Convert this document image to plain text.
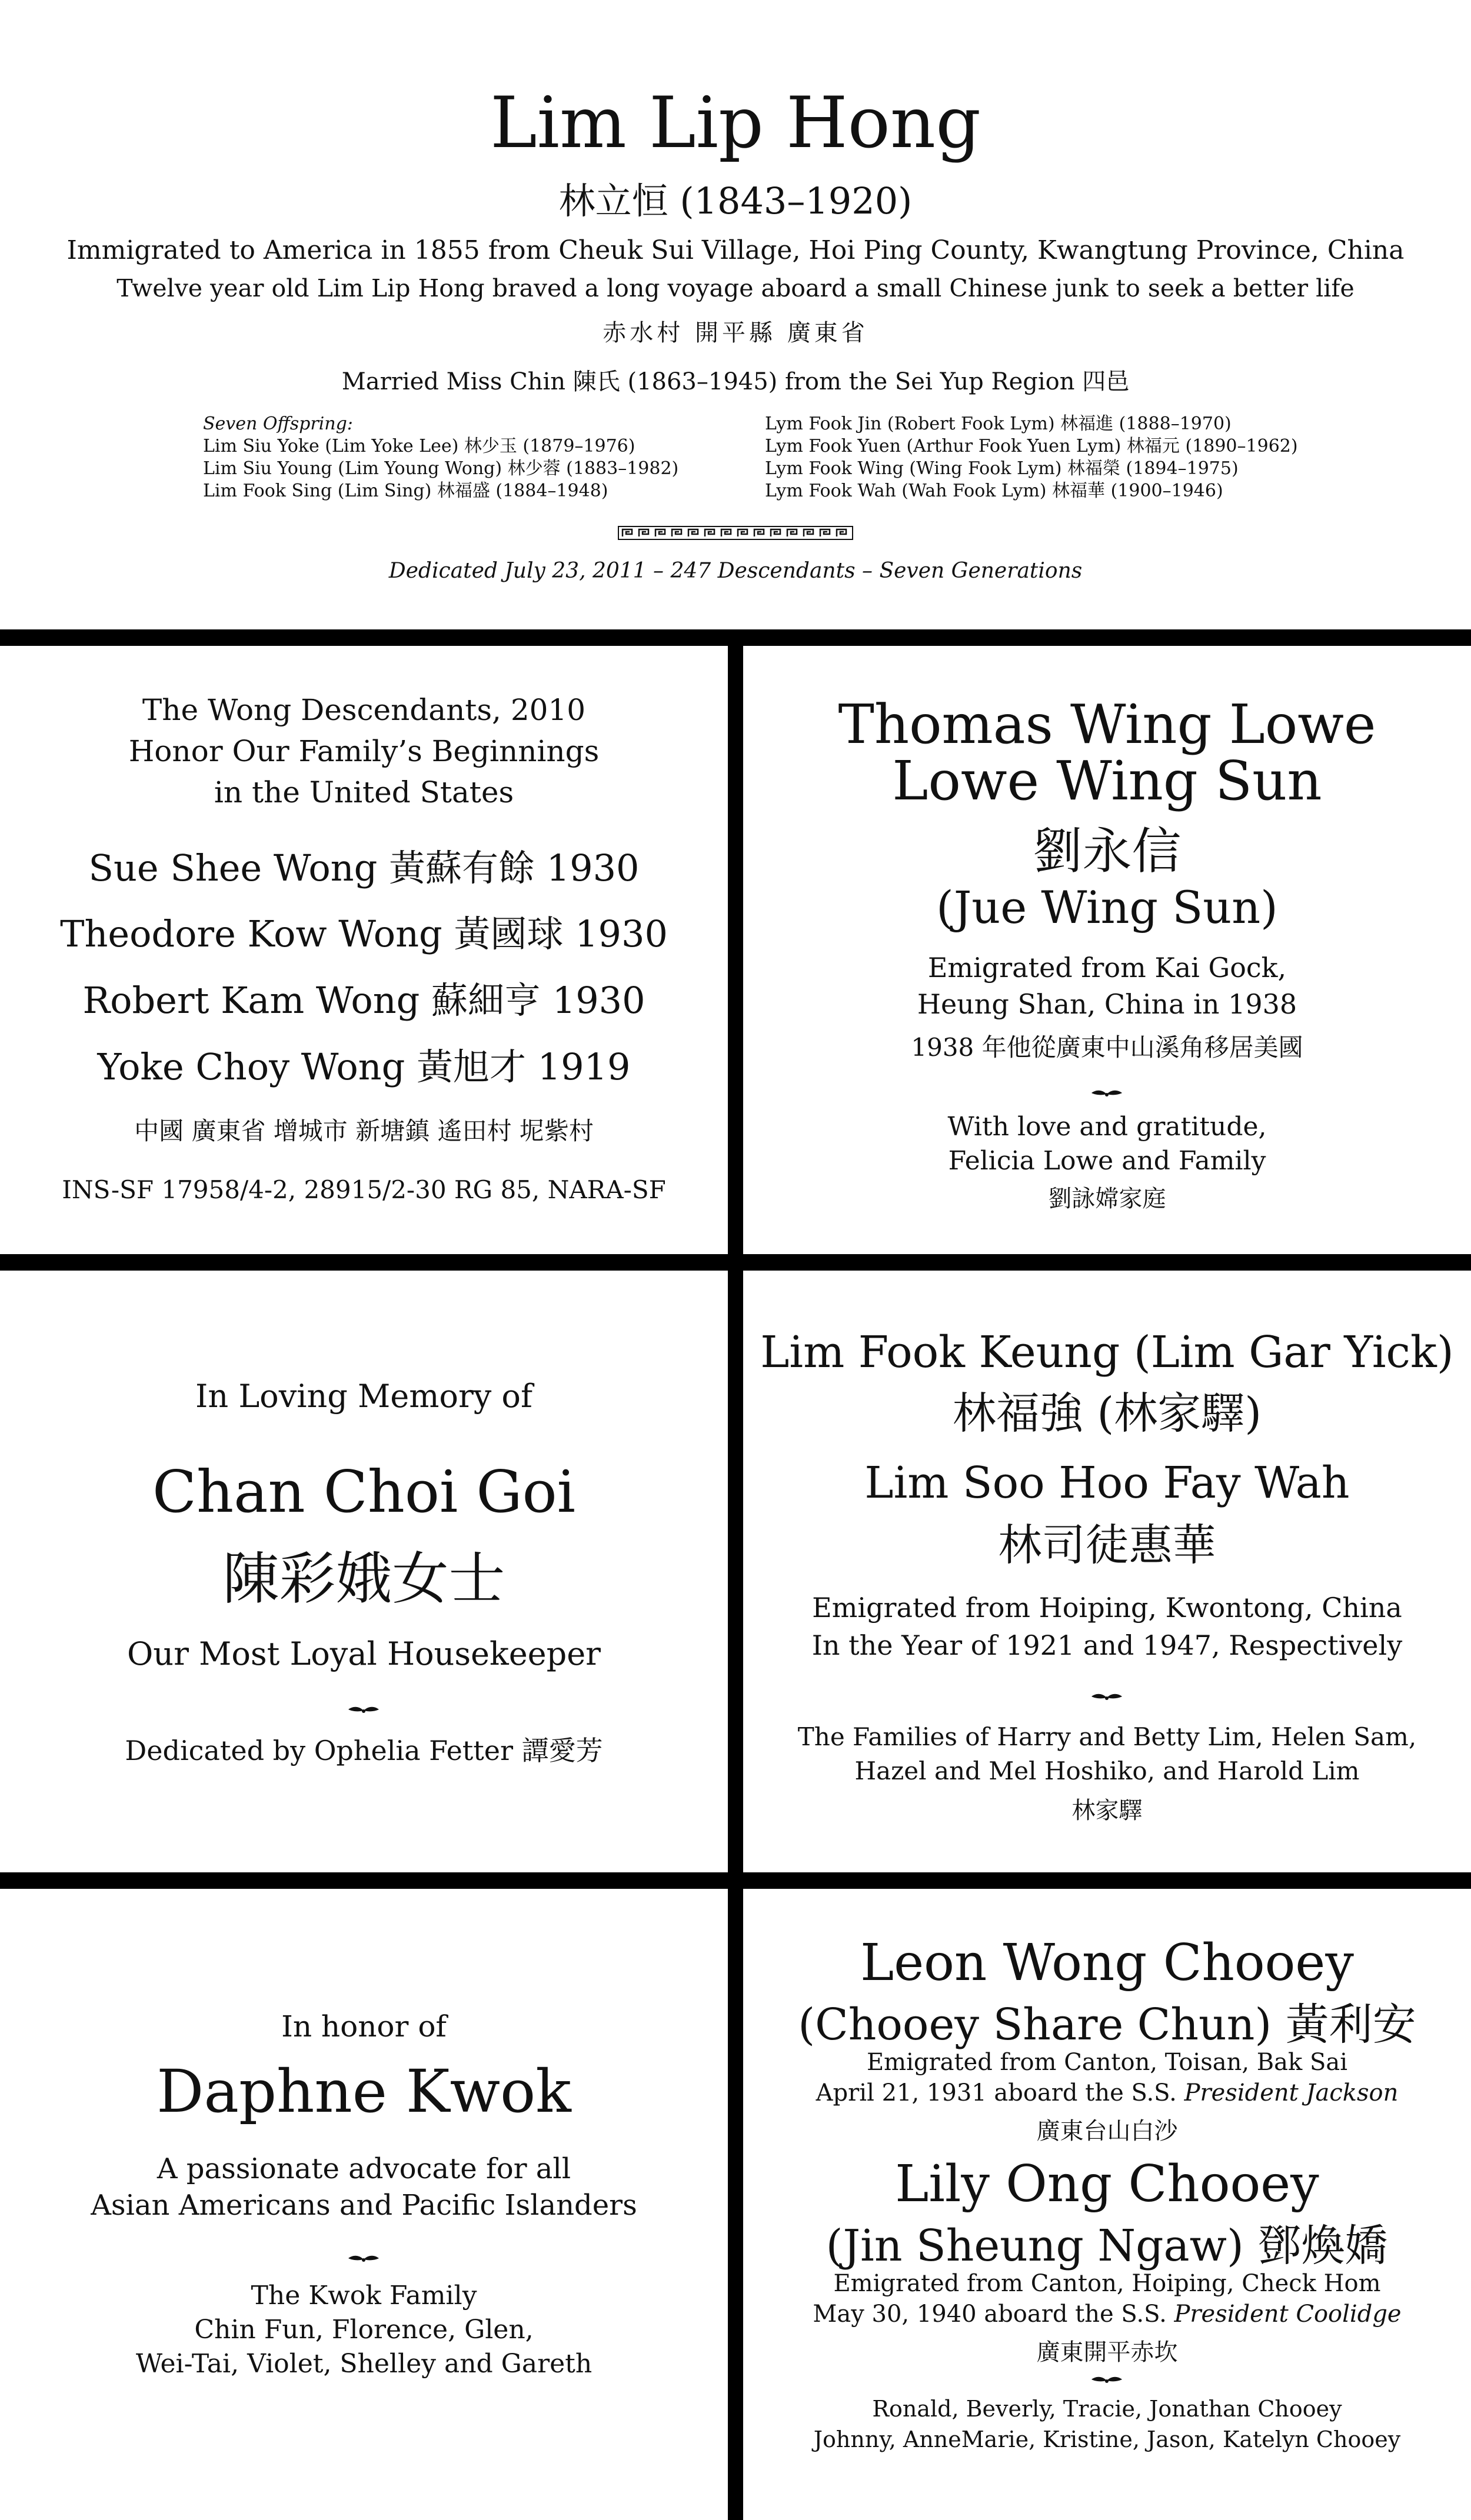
Lim Lip Hong
林立恒 (1843–1920)
Immigrated to America in 1855 from Cheuk Sui Village, Hoi Ping County, Kwangtung Province, China
Twelve year old Lim Lip Hong braved a long voyage aboard a small Chinese junk to seek a better life
赤水村 開平縣 廣東省
Married Miss Chin 陳氏 (1863–1945) from the Sei Yup Region 四邑
Seven Offspring:
Lim Siu Yoke (Lim Yoke Lee) 林少玉 (1879–1976)
Lim Siu Young (Lim Young Wong) 林少蓉 (1883–1982)
Lim Fook Sing (Lim Sing) 林福盛 (1884–1948)
Lym Fook Jin (Robert Fook Lym) 林福進 (1888–1970)
Lym Fook Yuen (Arthur Fook Yuen Lym) 林福元 (1890–1962)
Lym Fook Wing (Wing Fook Lym) 林福榮 (1894–1975)
Lym Fook Wah (Wah Fook Lym) 林福華 (1900–1946)
Dedicated July 23, 2011 – 247 Descendants – Seven Generations
The Wong Descendants, 2010
Honor Our Family’s Beginnings
in the United States
Sue Shee Wong 黃蘇有餘 1930
Theodore Kow Wong 黃國球 1930
Robert Kam Wong 蘇細亨 1930
Yoke Choy Wong 黃旭才 1919
中國 廣東省 增城市 新塘鎮 遙田村 坭紫村
INS-SF 17958/4-2, 28915/2-30 RG 85, NARA-SF
Thomas Wing Lowe
Lowe Wing Sun
劉永信
(Jue Wing Sun)
Emigrated from Kai Gock,
Heung Shan, China in 1938
1938 年他從廣東中山溪角移居美國
With love and gratitude,
Felicia Lowe and Family
劉詠嫦家庭
In Loving Memory of
Chan Choi Goi
陳彩娥女士
Our Most Loyal Housekeeper
Dedicated by Ophelia Fetter 譚愛芳
Lim Fook Keung (Lim Gar Yick)
林福強 (林家驛)
Lim Soo Hoo Fay Wah
林司徒惠華
Emigrated from Hoiping, Kwontong, China
In the Year of 1921 and 1947, Respectively
The Families of Harry and Betty Lim, Helen Sam,
Hazel and Mel Hoshiko, and Harold Lim
林家驛
In honor of
Daphne Kwok
A passionate advocate for all
Asian Americans and Pacific Islanders
The Kwok Family
Chin Fun, Florence, Glen,
Wei-Tai, Violet, Shelley and Gareth
Leon Wong Chooey
(Chooey Share Chun) 黃利安
Emigrated from Canton, Toisan, Bak Sai
April 21, 1931 aboard the S.S. President Jackson
廣東台山白沙
Lily Ong Chooey
(Jin Sheung Ngaw) 鄧煥嬌
Emigrated from Canton, Hoiping, Check Hom
May 30, 1940 aboard the S.S. President Coolidge
廣東開平赤坎
Ronald, Beverly, Tracie, Jonathan Chooey
Johnny, AnneMarie, Kristine, Jason, Katelyn Chooey
